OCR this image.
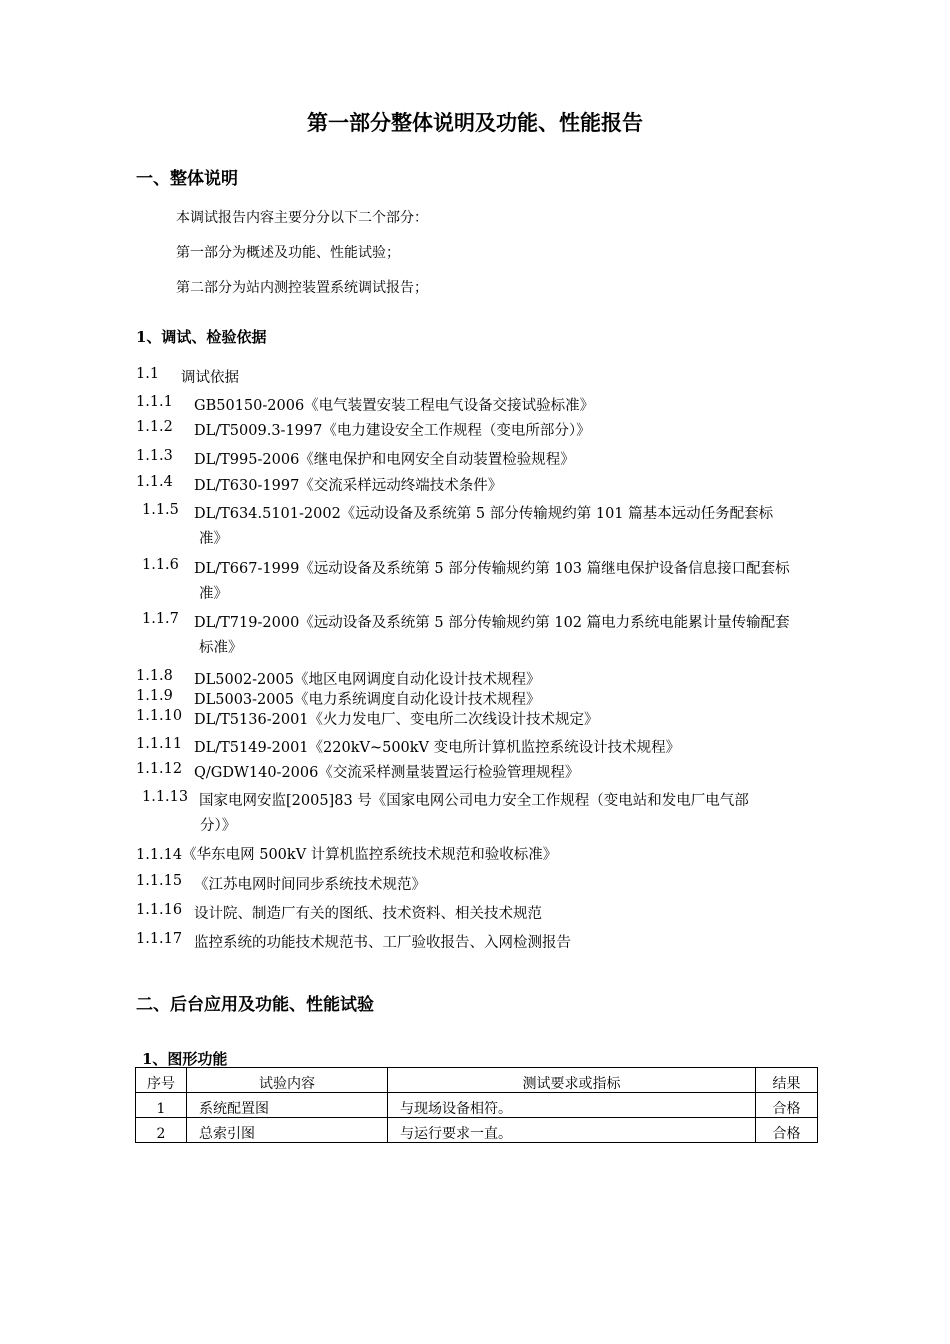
第一部分整体说明及功能、性能报告
一、整体说明
本调试报告内容主要分分以下二个部分：
第一部分为概述及功能、性能试验；
第二部分为站内测控装置系统调试报告；
1、调试、检验依据
1.1 调试依据
1.1.1 GB50150-2006《电气装置安装工程电气设备交接试验标准》
1.1.2 DL/T5009.3-1997《电力建设安全工作规程（变电所部分）》
1.1.3 DL/T995-2006《继电保护和电网安全自动装置检验规程》
1.1.4 DL/T630-1997《交流采样远动终端技术条件》
1.1.5 DL/T634.5101-2002《远动设备及系统第 5 部分传输规约第 101 篇基本远动任务配套标
准》
1.1.6 DL/T667-1999《远动设备及系统第 5 部分传输规约第 103 篇继电保护设备信息接口配套标
准》
1.1.7 DL/T719-2000《远动设备及系统第 5 部分传输规约第 102 篇电力系统电能累计量传输配套
标准》
1.1.8 DL5002-2005《地区电网调度自动化设计技术规程》
1.1.9 DL5003-2005《电力系统调度自动化设计技术规程》
1.1.10 DL/T5136-2001《火力发电厂、变电所二次线设计技术规定》
1.1.11 DL/T5149-2001《220kV~500kV 变电所计算机监控系统设计技术规程》
1.1.12 Q/GDW140-2006《交流采样测量装置运行检验管理规程》
1.1.13 国家电网安监[2005]83 号《国家电网公司电力安全工作规程（变电站和发电厂电气部
分）》
1.1.14《华东电网 500kV 计算机监控系统技术规范和验收标准》
1.1.15 《江苏电网时间同步系统技术规范》
1.1.16 设计院、制造厂有关的图纸、技术资料、相关技术规范
1.1.17 监控系统的功能技术规范书、工厂验收报告、入网检测报告
二、后台应用及功能、性能试验
1、图形功能
序号	试验内容	测试要求或指标	结果
1	系统配置图	与现场设备相符。	合格
2	总索引图	与运行要求一直。	合格
